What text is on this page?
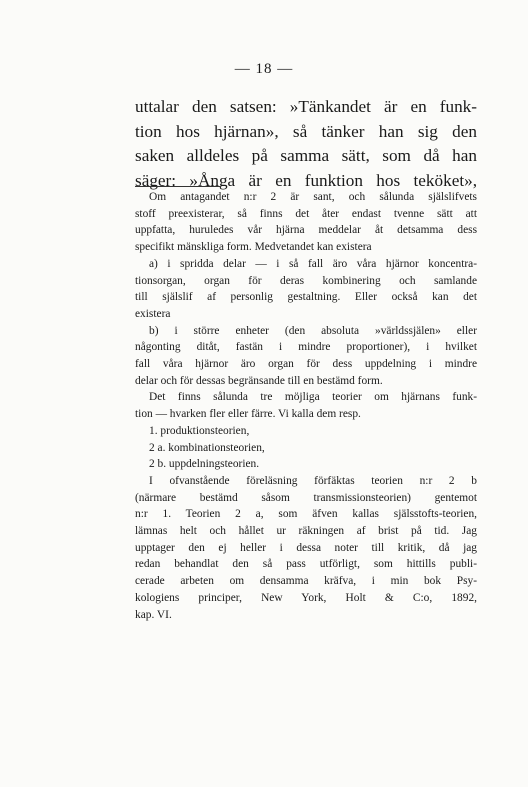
— 18 —
uttalar den satsen: »Tänkandet är en funk-
tion hos hjärnan», så tänker han sig den
saken alldeles på samma sätt, som då han
säger: »Ånga är en funktion hos teköket»,
Om antagandet n:r 2 är sant, och sålunda själslifvets
stoff preexisterar, så finns det åter endast tvenne sätt att
uppfatta, huruledes vår hjärna meddelar åt detsamma dess
specifikt mänskliga form. Medvetandet kan existera
a) i spridda delar — i så fall äro våra hjärnor koncentra-
tionsorgan, organ för deras kombinering och samlande
till själslif af personlig gestaltning. Eller också kan det
existera
b) i större enheter (den absoluta »världssjälen» eller
någonting ditåt, fastän i mindre proportioner), i hvilket
fall våra hjärnor äro organ för dess uppdelning i mindre
delar och för dessas begränsande till en bestämd form.
Det finns sålunda tre möjliga teorier om hjärnans funk-
tion — hvarken fler eller färre. Vi kalla dem resp.
1. produktionsteorien,
2 a. kombinationsteorien,
2 b. uppdelningsteorien.
I ofvanstående föreläsning förfäktas teorien n:r 2 b
(närmare bestämd såsom transmissionsteorien) gentemot
n:r 1. Teorien 2 a, som äfven kallas själsstofts-teorien,
lämnas helt och hållet ur räkningen af brist på tid. Jag
upptager den ej heller i dessa noter till kritik, då jag
redan behandlat den så pass utförligt, som hittills publi-
cerade arbeten om densamma kräfva, i min bok Psy-
kologiens principer, New York, Holt & C:o, 1892,
kap. VI.
